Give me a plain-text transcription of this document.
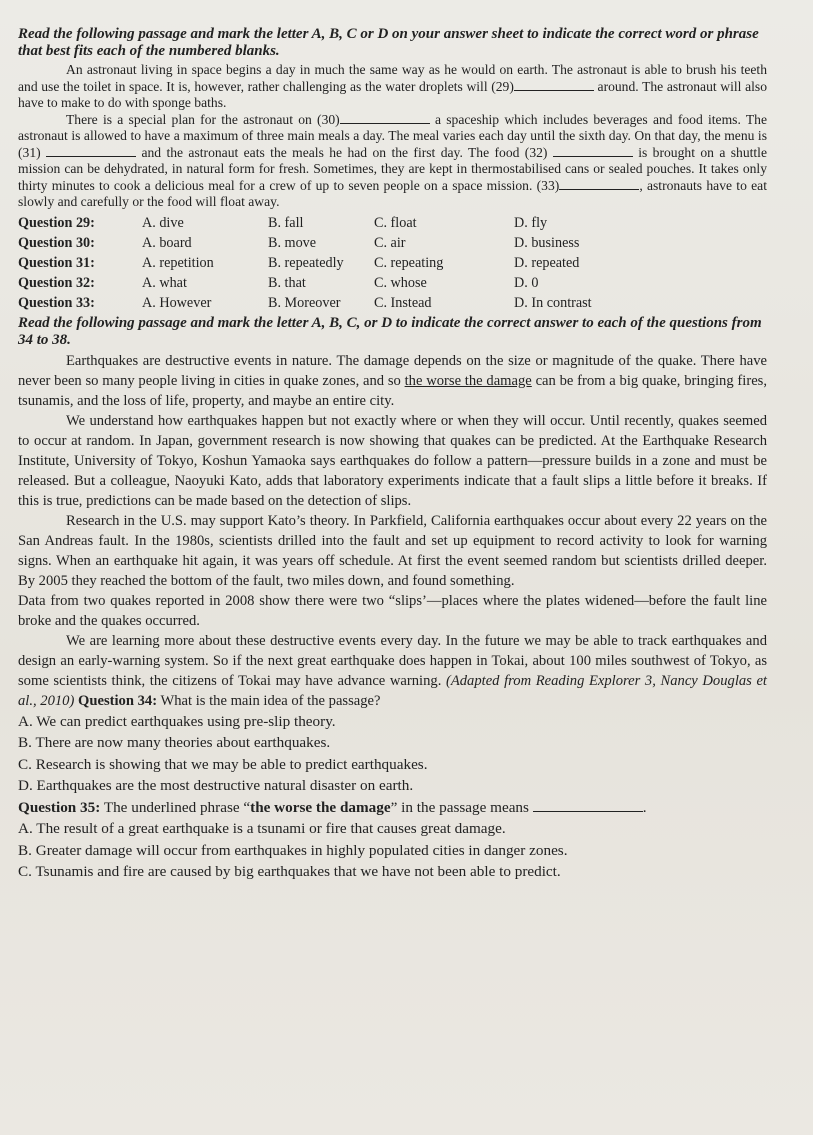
Read the following passage and mark the letter A, B, C or D on your answer sheet to indicate the correct word or phrase that best fits each of the numbered blanks.

An astronaut living in space begins a day in much the same way as he would on earth. The astronaut is able to brush his teeth and use the toilet in space. It is, however, rather challenging as the water droplets will (29)	around. The astronaut will also have to make to do with sponge baths.

There is a special plan for the astronaut on (30)	a spaceship which includes beverages and food items. The astronaut is allowed to have a maximum of three main meals a day. The meal varies each day until the sixth day. On that day, the menu is (31)	and the astronaut eats the meals he had on the first day. The food (32)	is brought on a shuttle mission can be dehydrated, in natural form for fresh. Sometimes, they are kept in thermostabilised cans or sealed pouches. It takes only thirty minutes to cook a delicious meal for a crew of up to seven people on a space mission. (33)	, astronauts have to eat slowly and carefully or the food will float away.

Question 29:	A. dive	B. fall	C. float	D. fly
Question 30:	A. board	B. move	C. air	D. business
Question 31:	A. repetition	B. repeatedly	C. repeating	D. repeated
Question 32:	A. what	B. that	C. whose	D. 0
Question 33:	A. However	B. Moreover	C. Instead	D. In contrast

Read the following passage and mark the letter A, B, C, or D to indicate the correct answer to each of the questions from 34 to 38.

Earthquakes are destructive events in nature. The damage depends on the size or magnitude of the quake. There have never been so many people living in cities in quake zones, and so the worse the damage can be from a big quake, bringing fires, tsunamis, and the loss of life, property, and maybe an entire city.

We understand how earthquakes happen but not exactly where or when they will occur. Until recently, quakes seemed to occur at random. In Japan, government research is now showing that quakes can be predicted. At the Earthquake Research Institute, University of Tokyo, Koshun Yamaoka says earthquakes do follow a pattern—pressure builds in a zone and must be released. But a colleague, Naoyuki Kato, adds that laboratory experiments indicate that a fault slips a little before it breaks. If this is true, predictions can be made based on the detection of slips.

Research in the U.S. may support Kato’s theory. In Parkfield, California earthquakes occur about every 22 years on the San Andreas fault. In the 1980s, scientists drilled into the fault and set up equipment to record activity to look for warning signs. When an earthquake hit again, it was years off schedule. At first the event seemed random but scientists drilled deeper. By 2005 they reached the bottom of the fault, two miles down, and found something.

Data from two quakes reported in 2008 show there were two “slips’—places where the plates widened—before the fault line broke and the quakes occurred.

We are learning more about these destructive events every day. In the future we may be able to track earthquakes and design an early-warning system. So if the next great earthquake does happen in Tokai, about 100 miles southwest of Tokyo, as some scientists think, the citizens of Tokai may have advance warning. (Adapted from Reading Explorer 3, Nancy Douglas et al., 2010) Question 34: What is the main idea of the passage?

A. We can predict earthquakes using pre-slip theory.

B. There are now many theories about earthquakes.

C. Research is showing that we may be able to predict earthquakes.

D. Earthquakes are the most destructive natural disaster on earth.

Question 35: The underlined phrase “the worse the damage” in the passage means	.

A. The result of a great earthquake is a tsunami or fire that causes great damage.

B. Greater damage will occur from earthquakes in highly populated cities in danger zones.

C. Tsunamis and fire are caused by big earthquakes that we have not been able to predict.
